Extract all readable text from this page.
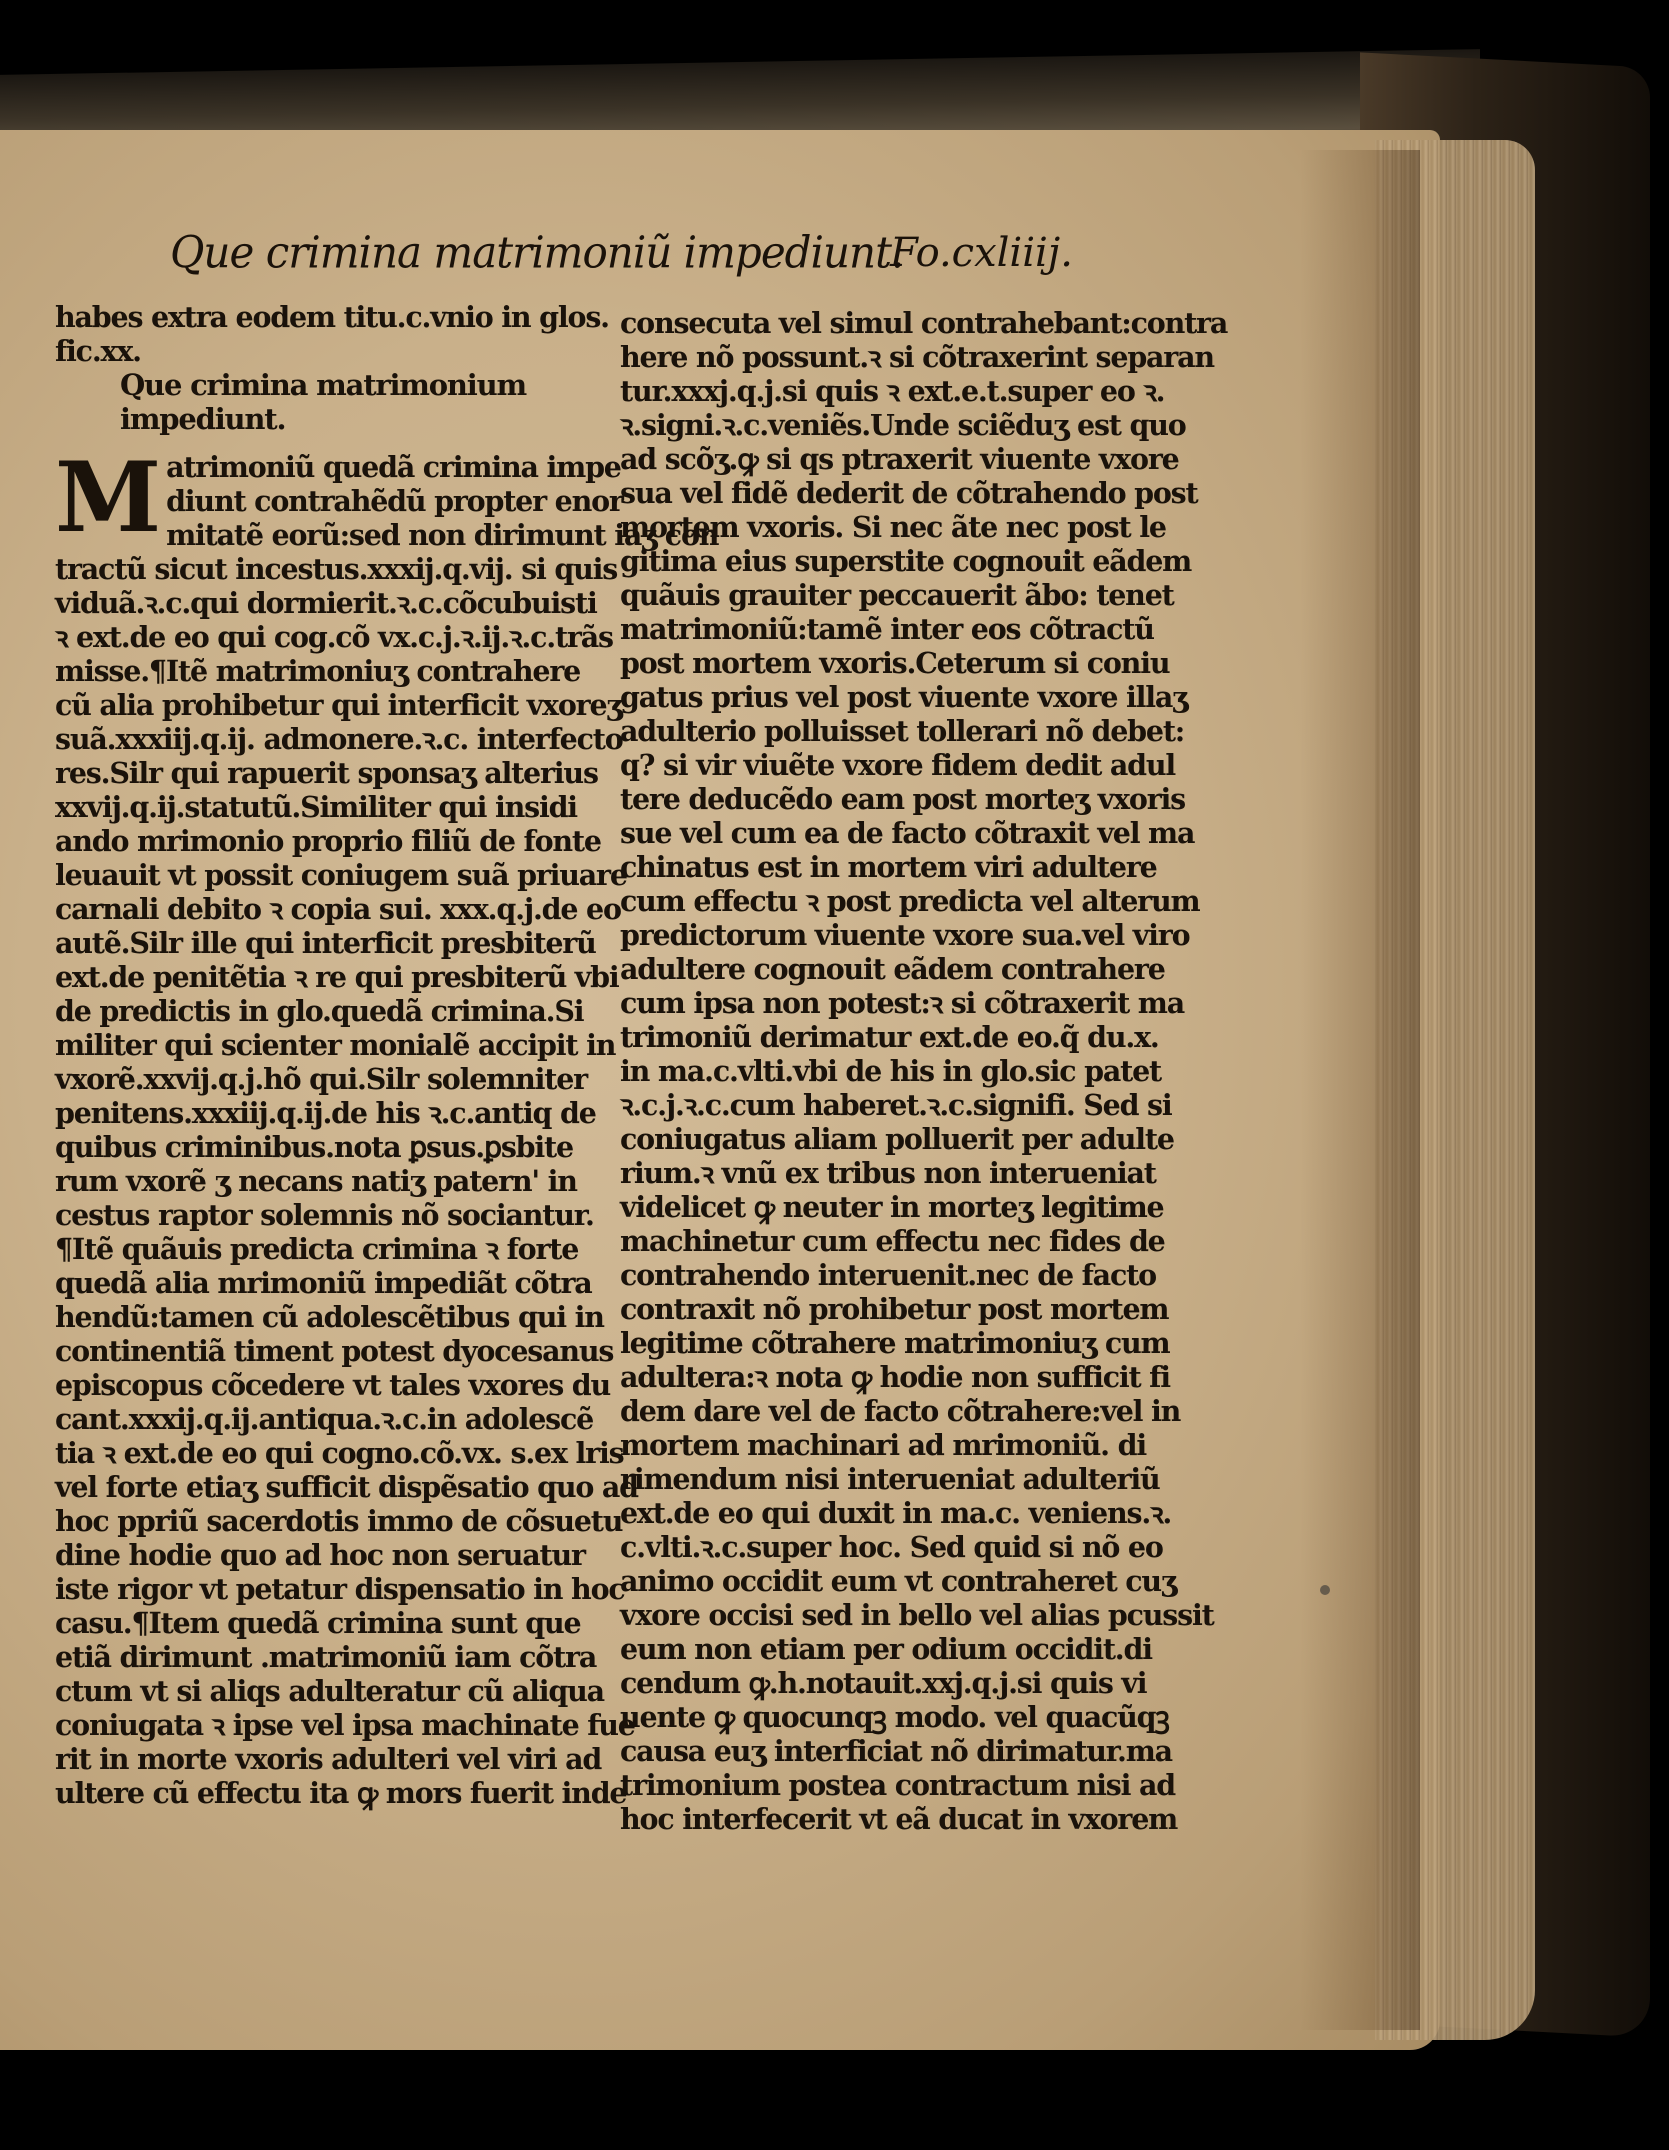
Que crimina matrimoniũ impediunt.
Fo.cxliiij.
habes extra eodem titu.c.vnio in glos.
fic.xx.
Que crimina matrimonium
impediunt.
M atrimoniũ quedã crimina impe
diunt contrahẽdũ propter enor
mitatẽ eorũ:sed non dirimunt iaʒ con
tractũ sicut incestus.xxxij.q.vij. si quis
viduã.ꝛ.c.qui dormierit.ꝛ.c.cõcubuisti
ꝛ ext.de eo qui cog.cõ vx.c.j.ꝛ.ij.ꝛ.c.trãs
misse.¶Itẽ matrimoniuʒ contrahere
cũ alia prohibetur qui interficit vxoreʒ
suã.xxxiij.q.ij. admonere.ꝛ.c. interfecto
res.Silr qui rapuerit sponsaʒ alterius
xxvij.q.ij.statutũ.Similiter qui insidi
ando mrimonio proprio filiũ de fonte
leuauit vt possit coniugem suã priuare
carnali debito ꝛ copia sui. xxx.q.j.de eo
autẽ.Silr ille qui interficit presbiterũ
ext.de penitẽtia ꝛ re qui presbiterũ vbi
de predictis in glo.quedã crimina.Si
militer qui scienter monialẽ accipit in
vxorẽ.xxvij.q.j.hõ qui.Silr solemniter
penitens.xxxiij.q.ij.de his ꝛ.c.antiq de
quibus criminibus.nota ꝑsus.ꝑsbite
rum vxorẽ ʒ necans natiʒ patern' in
cestus raptor solemnis nõ sociantur.
¶Itẽ quãuis predicta crimina ꝛ forte
quedã alia mrimoniũ impediãt cõtra
hendũ:tamen cũ adolescẽtibus qui in
continentiã timent potest dyocesanus
episcopus cõcedere vt tales vxores du
cant.xxxij.q.ij.antiqua.ꝛ.c.in adolescẽ
tia ꝛ ext.de eo qui cogno.cõ.vx. s.ex lris
vel forte etiaʒ sufficit dispẽsatio quo ad
hoc ppriũ sacerdotis immo de cõsuetu
dine hodie quo ad hoc non seruatur
iste rigor vt petatur dispensatio in hoc
casu.¶Item quedã crimina sunt que
etiã dirimunt .matrimoniũ iam cõtra
ctum vt si aliqs adulteratur cũ aliqua
coniugata ꝛ ipse vel ipsa machinate fue
rit in morte vxoris adulteri vel viri ad
ultere cũ effectu ita ꝙ mors fuerit inde
consecuta vel simul contrahebant:contra
here nõ possunt.ꝛ si cõtraxerint separan
tur.xxxj.q.j.si quis ꝛ ext.e.t.super eo ꝛ.
ꝛ.signi.ꝛ.c.veniẽs.Unde sciẽduʒ est quo
ad scõʒ.ꝙ si qs ptraxerit viuente vxore
sua vel fidẽ dederit de cõtrahendo post
mortem vxoris. Si nec ãte nec post le
gitima eius superstite cognouit eãdem
quãuis grauiter peccauerit ãbo: tenet
matrimoniũ:tamẽ inter eos cõtractũ
post mortem vxoris.Ceterum si coniu
gatus prius vel post viuente vxore illaʒ
adulterio polluisset tollerari nõ debet:
q? si vir viuẽte vxore fidem dedit adul
tere deducẽdo eam post morteʒ vxoris
sue vel cum ea de facto cõtraxit vel ma
chinatus est in mortem viri adultere
cum effectu ꝛ post predicta vel alterum
predictorum viuente vxore sua.vel viro
adultere cognouit eãdem contrahere
cum ipsa non potest:ꝛ si cõtraxerit ma
trimoniũ derimatur ext.de eo.q̃ du.x.
in ma.c.vlti.vbi de his in glo.sic patet
ꝛ.c.j.ꝛ.c.cum haberet.ꝛ.c.signifi. Sed si
coniugatus aliam polluerit per adulte
rium.ꝛ vnũ ex tribus non interueniat
videlicet ꝙ neuter in morteʒ legitime
machinetur cum effectu nec fides de
contrahendo interuenit.nec de facto
contraxit nõ prohibetur post mortem
legitime cõtrahere matrimoniuʒ cum
adultera:ꝛ nota ꝙ hodie non sufficit fi
dem dare vel de facto cõtrahere:vel in
mortem machinari ad mrimoniũ. di
rimendum nisi interueniat adulteriũ
ext.de eo qui duxit in ma.c. veniens.ꝛ.
c.vlti.ꝛ.c.super hoc. Sed quid si nõ eo
animo occidit eum vt contraheret cuʒ
vxore occisi sed in bello vel alias pcussit
eum non etiam per odium occidit.di
cendum ꝙ.h.notauit.xxj.q.j.si quis vi
uente ꝙ quocunqꝫ modo. vel quacũqꝫ
causa euʒ interficiat nõ dirimatur.ma
trimonium postea contractum nisi ad
hoc interfecerit vt eã ducat in vxorem
